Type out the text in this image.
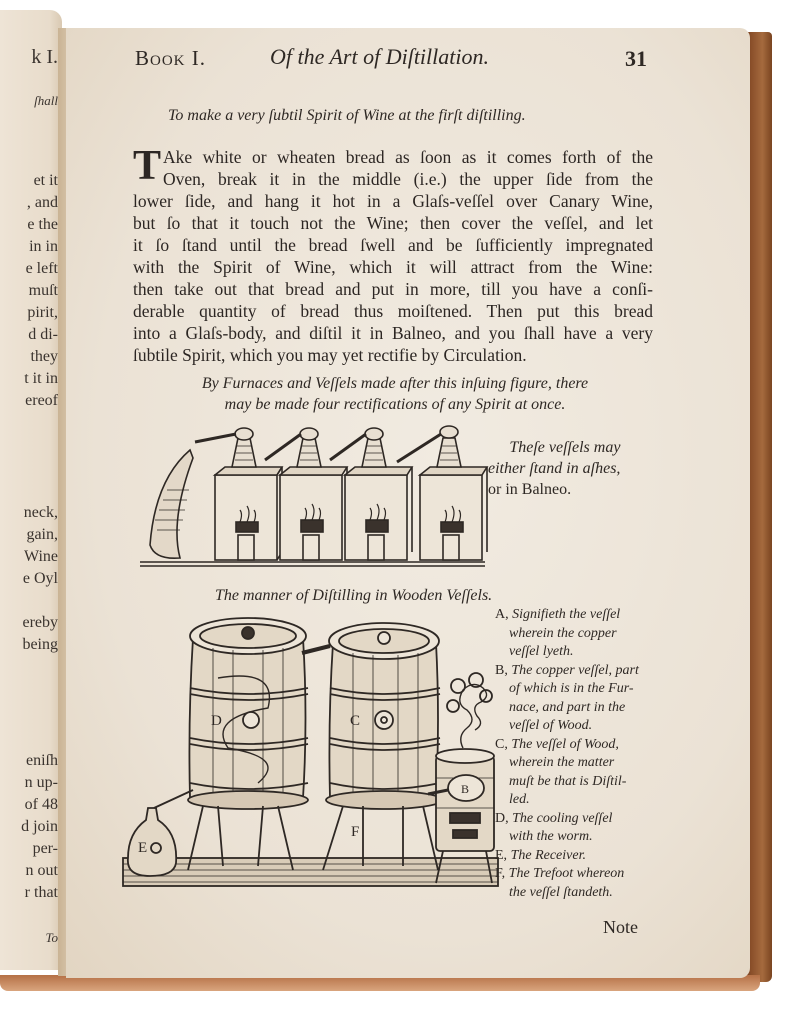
k I.
ſhall
et it
, and
e the
in in
e left
muſt
pirit,
d di-
they
t it in
ereof
neck,
gain,
Wine
e Oyl
ereby
being
eniſh
n up-
of 48
d join
per-
n out
r that
To
Book I.	Of the Art of Diſtillation.	31
To make a very ſubtil Spirit of Wine at the firſt diſtilling.
T Ake white or wheaten bread as ſoon as it comes forth of the
Oven, break it in the middle (i.e.) the upper ſide from the
lower ſide, and hang it hot in a Glaſs-veſſel over Canary Wine,
but ſo that it touch not the Wine; then cover the veſſel, and let
it ſo ſtand until the bread ſwell and be ſufficiently impregnated
with the Spirit of Wine, which it will attract from the Wine:
then take out that bread and put in more, till you have a conſi-
derable quantity of bread thus moiſtened. Then put this bread
into a Glaſs-body, and diſtil it in Balneo, and you ſhall have a very
ſubtile Spirit, which you may yet rectifie by Circulation.
By Furnaces and Veſſels made after this inſuing figure, there
may be made four rectifications of any Spirit at once.
Theſe veſſels may
either ſtand in aſhes,
or in Balneo.
The manner of Diſtilling in Wooden Veſſels.
D	C
F
B
E
A, Signifieth the veſſel
wherein the copper
veſſel lyeth.
B, The copper veſſel, part
of which is in the Fur-
nace, and part in the
veſſel of Wood.
C, The veſſel of Wood,
wherein the matter
muſt be that is Diſtil-
led.
D, The cooling veſſel
with the worm.
E, The Receiver.
F, The Trefoot whereon
the veſſel ſtandeth.
Note
